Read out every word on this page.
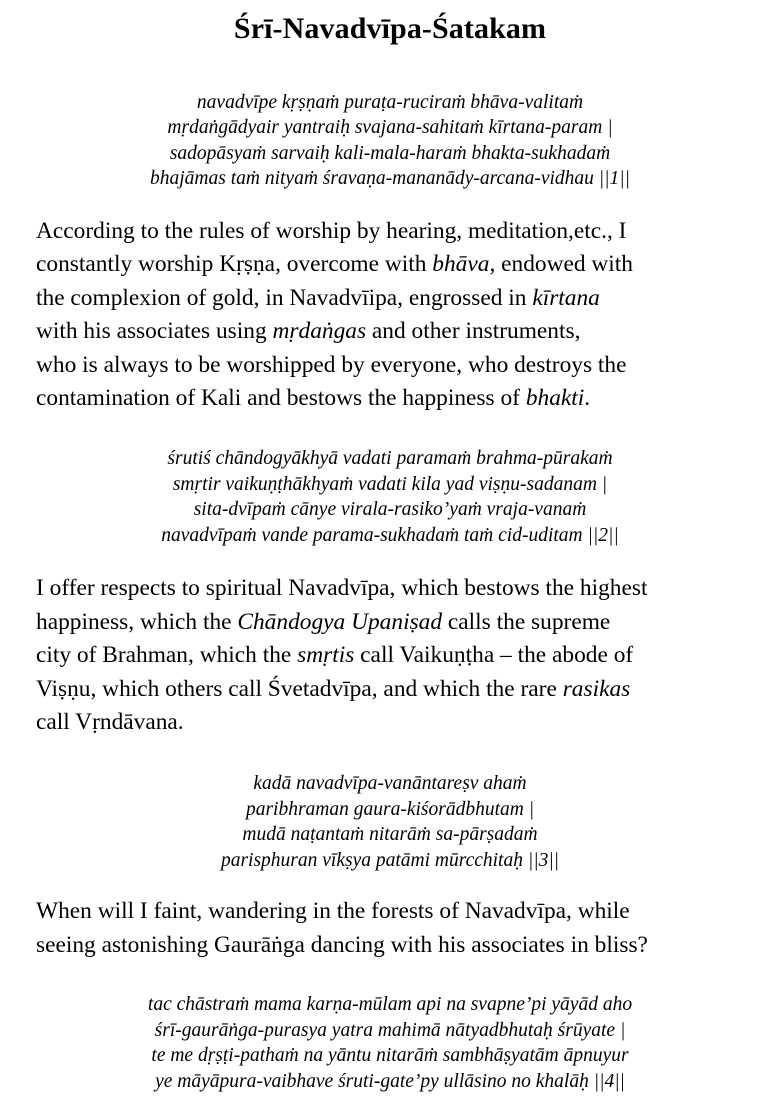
Śrī-Navadvīpa-Śatakam
navadvīpe kṛṣṇaṁ puraṭa-ruciraṁ bhāva-valitaṁ
mṛdaṅgādyair yantraiḥ svajana-sahitaṁ kīrtana-param |
sadopāsyaṁ sarvaiḥ kali-mala-haraṁ bhakta-sukhadaṁ
bhajāmas taṁ nityaṁ śravaṇa-mananādy-arcana-vidhau ||1||
According to the rules of worship by hearing, meditation,etc., I
constantly worship Kṛṣṇa, overcome with bhāva, endowed with
the complexion of gold, in Navadvīipa, engrossed in kīrtana
with his associates using mṛdaṅgas and other instruments,
who is always to be worshipped by everyone, who destroys the
contamination of Kali and bestows the happiness of bhakti.
śrutiś chāndogyākhyā vadati paramaṁ brahma-pūrakaṁ
smṛtir vaikuṇṭhākhyaṁ vadati kila yad viṣṇu-sadanam |
sita-dvīpaṁ cānye virala-rasiko’yaṁ vraja-vanaṁ
navadvīpaṁ vande parama-sukhadaṁ taṁ cid-uditam ||2||
I offer respects to spiritual Navadvīpa, which bestows the highest
happiness, which the Chāndogya Upaniṣad calls the supreme
city of Brahman, which the smṛtis call Vaikuṇṭha – the abode of
Viṣṇu, which others call Śvetadvīpa, and which the rare rasikas
call Vṛndāvana.
kadā navadvīpa-vanāntareṣv ahaṁ
paribhraman gaura-kiśorādbhutam |
mudā naṭantaṁ nitarāṁ sa-pārṣadaṁ
parisphuran vīkṣya patāmi mūrcchitaḥ ||3||
When will I faint, wandering in the forests of Navadvīpa, while
seeing astonishing Gaurāṅga dancing with his associates in bliss?
tac chāstraṁ mama karṇa-mūlam api na svapne’pi yāyād aho
śrī-gaurāṅga-purasya yatra mahimā nātyadbhutaḥ śrūyate |
te me dṛṣṭi-pathaṁ na yāntu nitarāṁ sambhāṣyatām āpnuyur
ye māyāpura-vaibhave śruti-gate’py ullāsino no khalāḥ ||4||
